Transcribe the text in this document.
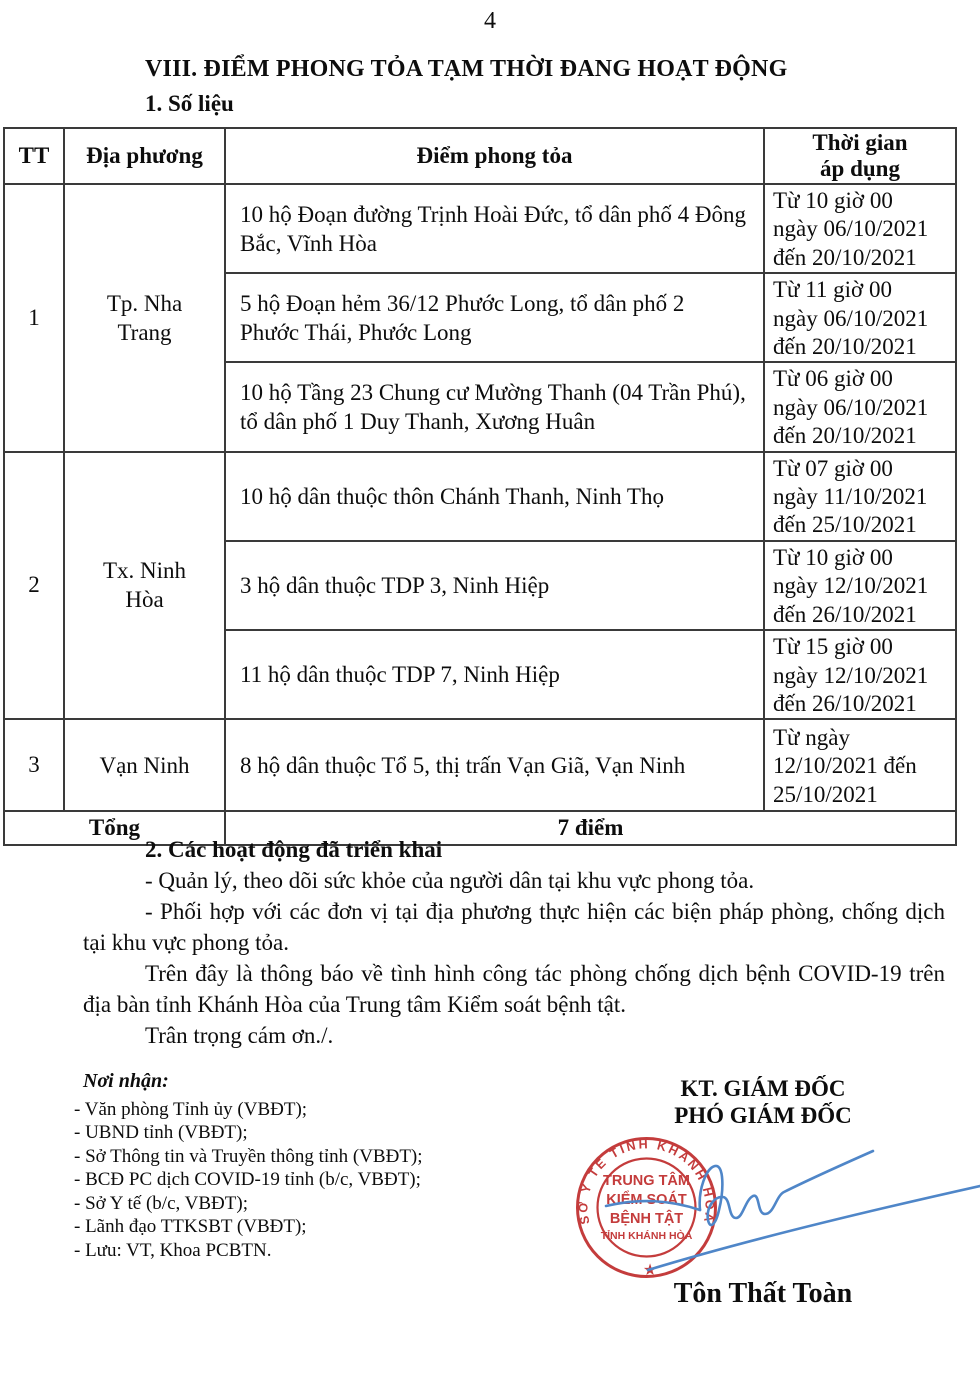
4
VIII. ĐIỂM PHONG TỎA TẠM THỜI ĐANG HOẠT ĐỘNG
1. Số liệu
TT	Địa phương	Điểm phong tỏa	Thời gian
áp dụng

1	Tp. Nha Trang	10 hộ Đoạn đường Trịnh Hoài Đức, tổ dân phố 4 Đông Bắc, Vĩnh Hòa	Từ 10 giờ 00
ngày 06/10/2021
đến 20/10/2021

		5 hộ Đoạn hẻm 36/12 Phước Long, tổ dân phố 2 Phước Thái, Phước Long	Từ 11 giờ 00
ngày 06/10/2021
đến 20/10/2021

		10 hộ Tầng 23 Chung cư Mường Thanh (04 Trần Phú), tổ dân phố 1 Duy Thanh, Xương Huân	Từ 06 giờ 00
ngày 06/10/2021
đến 20/10/2021

2	Tx. Ninh Hòa	10 hộ dân thuộc thôn Chánh Thanh, Ninh Thọ	Từ 07 giờ 00
ngày 11/10/2021
đến 25/10/2021

		3 hộ dân thuộc TDP 3, Ninh Hiệp	Từ 10 giờ 00
ngày 12/10/2021
đến 26/10/2021

		11 hộ dân thuộc TDP 7, Ninh Hiệp	Từ 15 giờ 00
ngày 12/10/2021
đến 26/10/2021

3	Vạn Ninh	8 hộ dân thuộc Tổ 5, thị trấn Vạn Giã, Vạn Ninh	Từ ngày
12/10/2021 đến
25/10/2021

Tổng		7 điểm	

2. Các hoạt động đã triển khai

- Quản lý, theo dõi sức khỏe của người dân tại khu vực phong tỏa.

- Phối hợp với các đơn vị tại địa phương thực hiện các biện pháp phòng, chống dịch tại khu vực phong tỏa.

Trên đây là thông báo về tình hình công tác phòng chống dịch bệnh COVID-19 trên địa bàn tỉnh Khánh Hòa của Trung tâm Kiểm soát bệnh tật.

Trân trọng cám ơn./.

Nơi nhận:
- Văn phòng Tỉnh ủy (VBĐT);
- UBND tỉnh (VBĐT);
- Sở Thông tin và Truyền thông tỉnh (VBĐT);
- BCĐ PC dịch COVID-19 tỉnh (b/c, VBĐT);
- Sở Y tế (b/c, VBĐT);
- Lãnh đạo TTKSBT (VBĐT);
- Lưu: VT, Khoa PCBTN.
KT. GIÁM ĐỐC
PHÓ GIÁM ĐỐC
SỞ Y TẾ TỈNH KHÁNH HÒA
TRUNG TÂM
KIỂM SOÁT
BỆNH TẬT
TỈNH KHÁNH HÒA
★
Tôn Thất Toàn
